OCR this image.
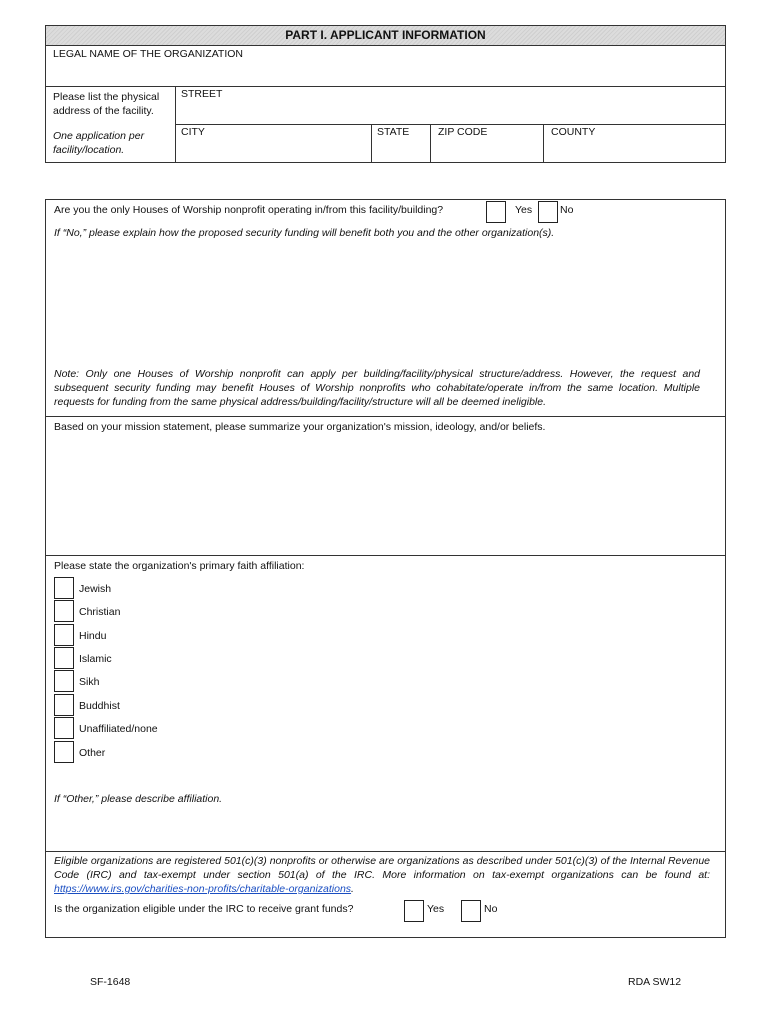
PART I. APPLICANT INFORMATION
LEGAL NAME OF THE ORGANIZATION
Please list the physical address of the facility.
One application per facility/location.
STREET
CITY	STATE	ZIP CODE	COUNTY
Are you the only Houses of Worship nonprofit operating in/from this facility/building?	Yes	No
If “No,” please explain how the proposed security funding will benefit both you and the other organization(s).
Note: Only one Houses of Worship nonprofit can apply per building/facility/physical structure/address. However, the request and subsequent security funding may benefit Houses of Worship nonprofits who cohabitate/operate in/from the same location. Multiple requests for funding from the same physical address/building/facility/structure will all be deemed ineligible.
Based on your mission statement, please summarize your organization's mission, ideology, and/or beliefs.
Please state the organization's primary faith affiliation:
Jewish
Christian
Hindu
Islamic
Sikh
Buddhist
Unaffiliated/none
Other
If “Other,” please describe affiliation.
Eligible organizations are registered 501(c)(3) nonprofits or otherwise are organizations as described under 501(c)(3) of the Internal Revenue Code (IRC) and tax-exempt under section 501(a) of the IRC. More information on tax-exempt organizations can be found at: https://www.irs.gov/charities-non-profits/charitable-organizations.
Is the organization eligible under the IRC to receive grant funds?	Yes	No
SF-1648	RDA SW12
